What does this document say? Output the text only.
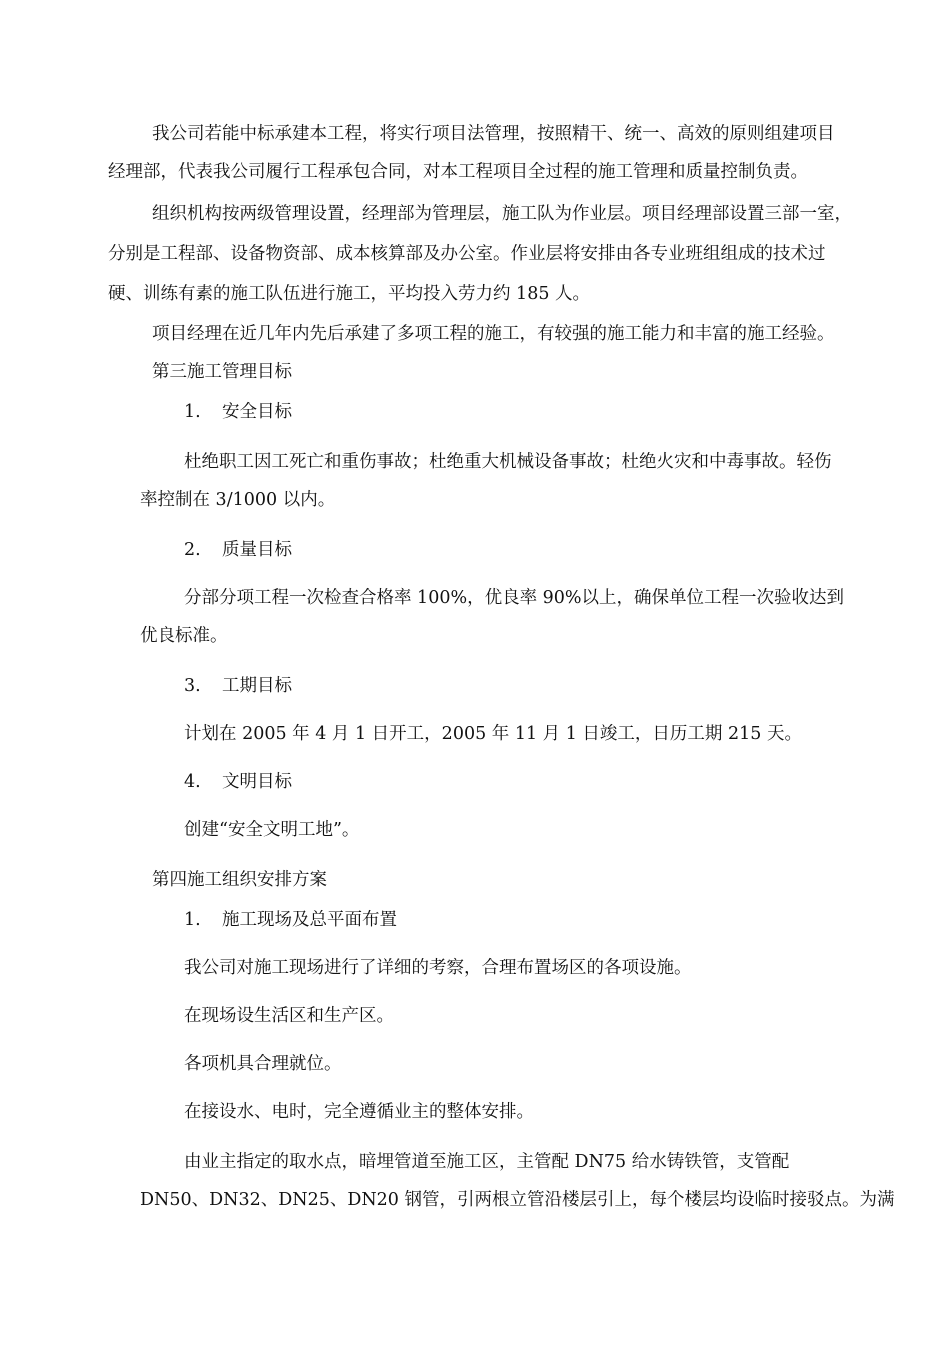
我公司若能中标承建本工程，将实行项目法管理，按照精干、统一、高效的原则组建项目

经理部，代表我公司履行工程承包合同，对本工程项目全过程的施工管理和质量控制负责。

组织机构按两级管理设置，经理部为管理层，施工队为作业层。项目经理部设置三部一室，

分别是工程部、设备物资部、成本核算部及办公室。作业层将安排由各专业班组组成的技术过

硬、训练有素的施工队伍进行施工，平均投入劳力约 185 人。

项目经理在近几年内先后承建了多项工程的施工，有较强的施工能力和丰富的施工经验。

第三施工管理目标

1. 安全目标

杜绝职工因工死亡和重伤事故；杜绝重大机械设备事故；杜绝火灾和中毒事故。轻伤

率控制在 3/1000 以内。

2. 质量目标

分部分项工程一次检查合格率 100%，优良率 90%以上，确保单位工程一次验收达到

优良标准。

3. 工期目标

计划在 2005 年 4 月 1 日开工，2005 年 11 月 1 日竣工，日历工期 215 天。

4. 文明目标

创建“安全文明工地”。

第四施工组织安排方案

1. 施工现场及总平面布置

我公司对施工现场进行了详细的考察，合理布置场区的各项设施。

在现场设生活区和生产区。

各项机具合理就位。

在接设水、电时，完全遵循业主的整体安排。

由业主指定的取水点，暗埋管道至施工区，主管配 DN75 给水铸铁管，支管配

DN50、DN32、DN25、DN20 钢管，引两根立管沿楼层引上，每个楼层均设临时接驳点。为满
